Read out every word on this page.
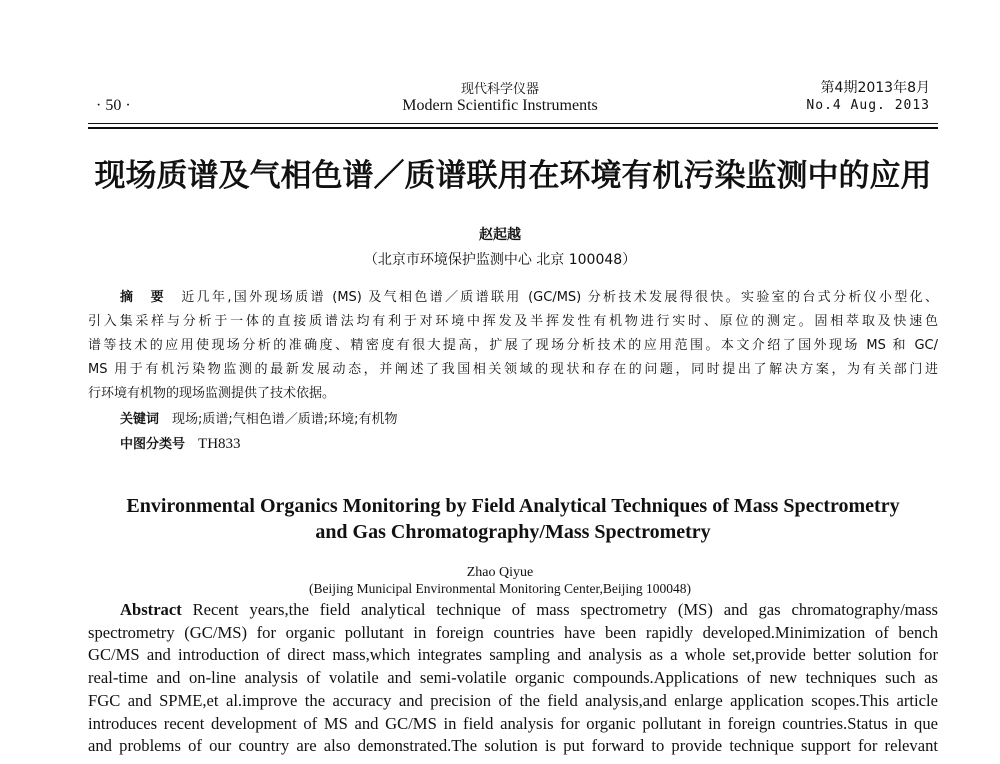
现代科学仪器
Modern Scientific Instruments
· 50 ·
第4期2013年8月
No.4 Aug. 2013
现场质谱及气相色谱／质谱联用在环境有机污染监测中的应用
赵起越
（北京市环境保护监测中心 北京 100048）
摘　要　 近几年,国外现场质谱 (MS) 及气相色谱／质谱联用 (GC/MS) 分析技术发展得很快。实验室的台式分析仪小型化、
引入集采样与分析于一体的直接质谱法均有利于对环境中挥发及半挥发性有机物进行实时、原位的测定。固相萃取及快速色
谱等技术的应用使现场分析的准确度、精密度有很大提高，扩展了现场分析技术的应用范围。本文介绍了国外现场 MS 和 GC/
MS 用于有机污染物监测的最新发展动态，并阐述了我国相关领域的现状和存在的问题，同时提出了解决方案，为有关部门进
行环境有机物的现场监测提供了技术依据。
关键词　 现场;质谱;气相色谱／质谱;环境;有机物
中图分类号　 TH833
Environmental Organics Monitoring by Field Analytical Techniques of Mass Spectrometry
and Gas Chromatography/Mass Spectrometry
Zhao Qiyue
(Beijing Municipal Environmental Monitoring Center,Beijing 100048)
Abstract Recent years,the field analytical technique of mass spectrometry (MS) and gas chromatography/mass
spectrometry (GC/MS) for organic pollutant in foreign countries have been rapidly developed.Minimization of bench
GC/MS and introduction of direct mass,which integrates sampling and analysis as a whole set,provide better solution for
real-time and on-line analysis of volatile and semi-volatile organic compounds.Applications of new techniques such as
FGC and SPME,et al.improve the accuracy and precision of the field analysis,and enlarge application scopes.This article
introduces recent development of MS and GC/MS in field analysis for organic pollutant in foreign countries.Status in que
and problems of our country are also demonstrated.The solution is put forward to provide technique support for relevant
